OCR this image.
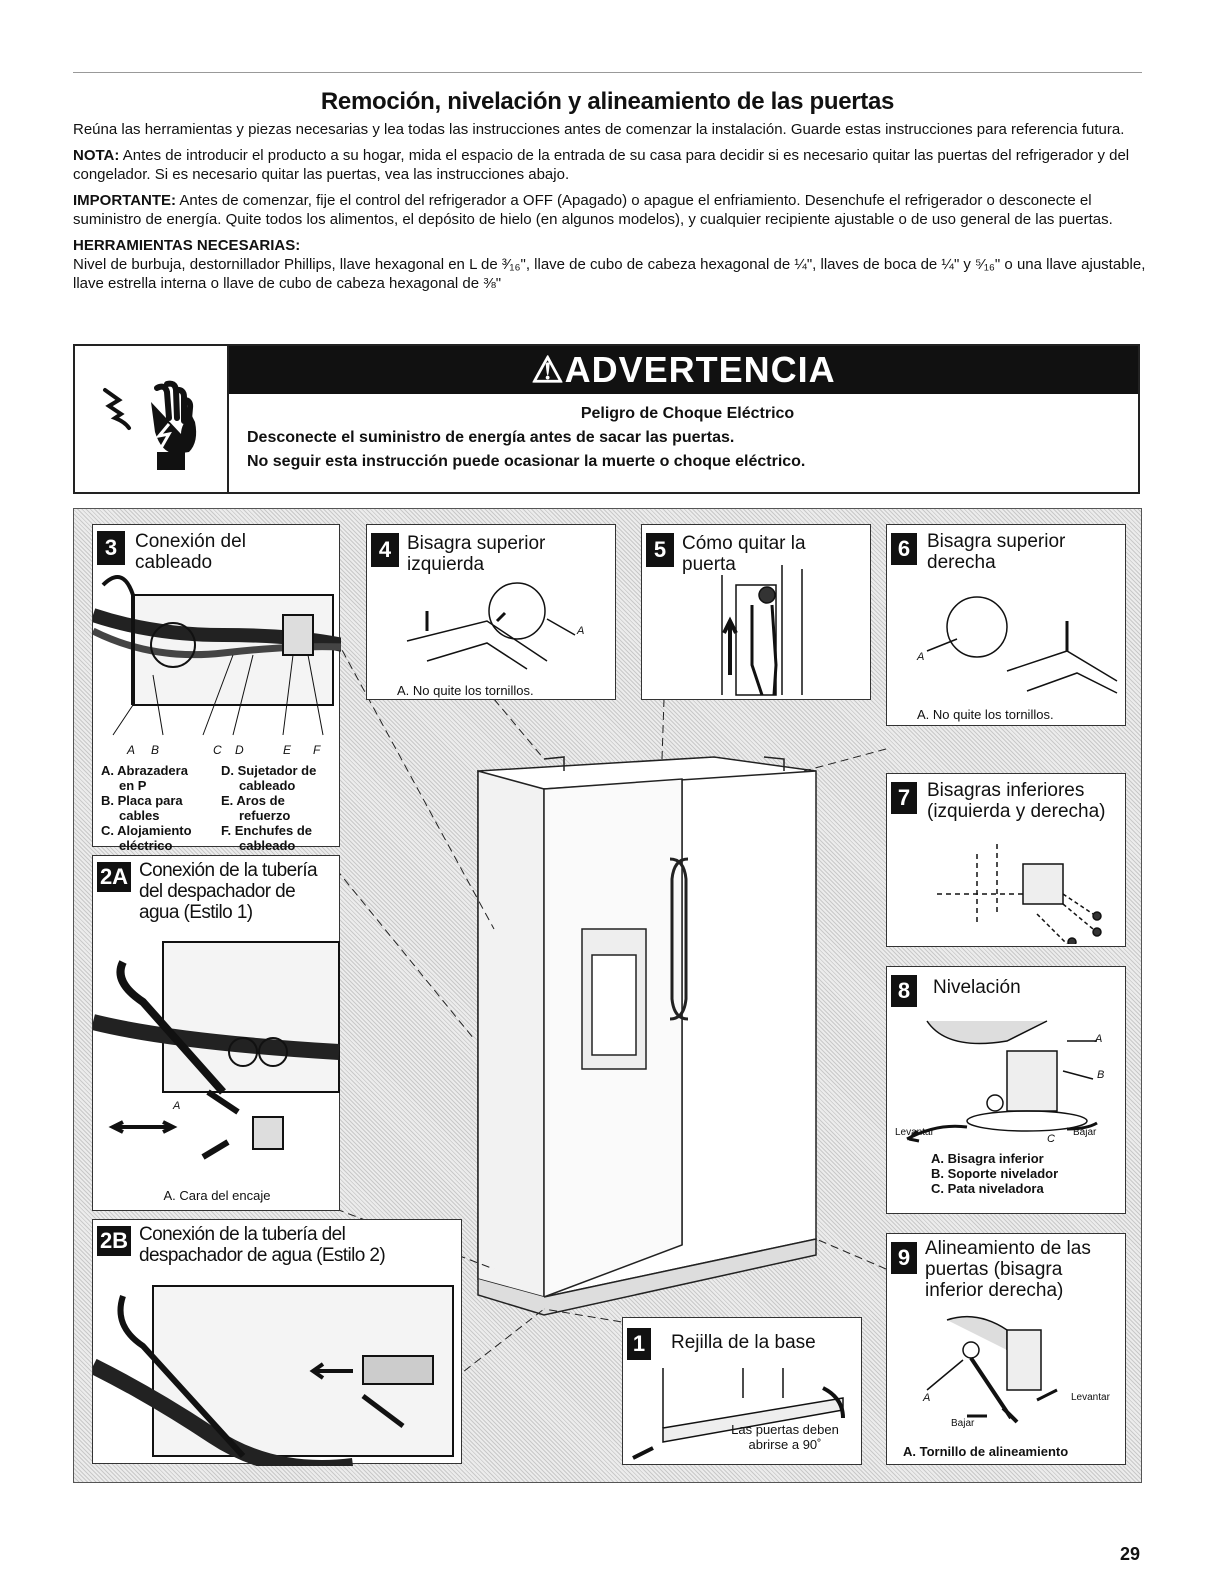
Remoción, nivelación y alineamiento de las puertas

Reúna las herramientas y piezas necesarias y lea todas las instrucciones antes de comenzar la instalación. Guarde estas instrucciones para referencia futura.

NOTA: Antes de introducir el producto a su hogar, mida el espacio de la entrada de su casa para decidir si es necesario quitar las puertas del refrigerador y del congelador. Si es necesario quitar las puertas, vea las instrucciones abajo.

IMPORTANTE: Antes de comenzar, fije el control del refrigerador a OFF (Apagado) o apague el enfriamiento. Desenchufe el refrigerador o desconecte el suministro de energía. Quite todos los alimentos, el depósito de hielo (en algunos modelos), y cualquier recipiente ajustable o de uso general de las puertas.

HERRAMIENTAS NECESARIAS:

Nivel de burbuja, destornillador Phillips, llave hexagonal en L de ³⁄₁₆", llave de cubo de cabeza hexagonal de ¼", llaves de boca de ¼" y ⁵⁄₁₆" o una llave ajustable, llave estrella interna o llave de cubo de cabeza hexagonal de ⅜"

⚠ADVERTENCIA
Peligro de Choque Eléctrico
Desconecte el suministro de energía antes de sacar las puertas.
No seguir esta instrucción puede ocasionar la muerte o choque eléctrico.
3 Conexión del cableado
A B	C D	E F
A. Abrazadera
en P
B. Placa para
cables
C. Alojamiento
eléctrico
D. Sujetador de
cableado
E. Aros de
refuerzo
F. Enchufes de
cableado
2A Conexión de la tubería del despachador de agua (Estilo 1)
A
A. Cara del encaje
2B Conexión de la tubería del despachador de agua (Estilo 2)
4 Bisagra superior izquierda
A
A. No quite los tornillos.
5 Cómo quitar la puerta
6 Bisagra superior derecha
A
A. No quite los tornillos.
7 Bisagras inferiores (izquierda y derecha)
8	Nivelación
A
B
C
Levantar	Bajar
A. Bisagra inferior
B. Soporte nivelador
C. Pata niveladora
9 Alineamiento de las puertas (bisagra inferior derecha)
A	Levantar
Bajar
A. Tornillo de alineamiento
1	Rejilla de la base
Las puertas deben abrirse a 90˚
29
